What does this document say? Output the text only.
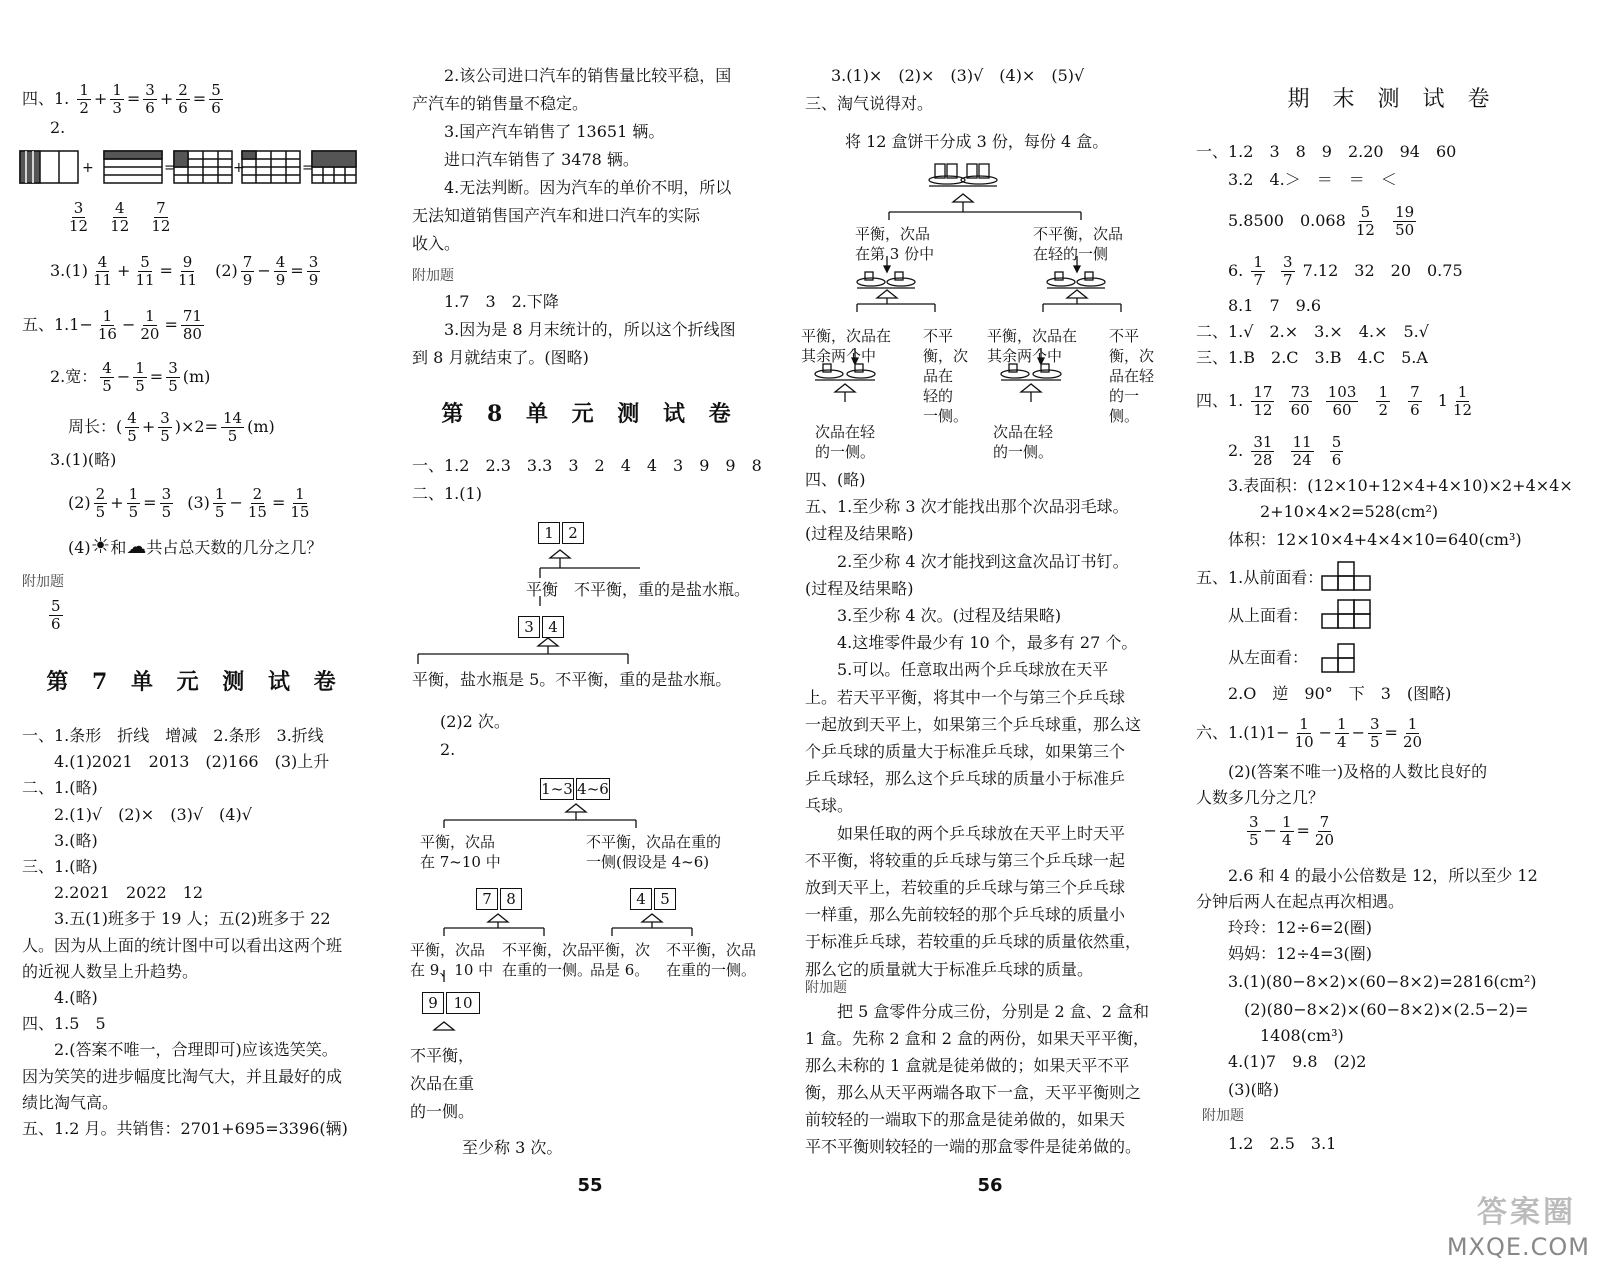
四、1. $\frac{1}{2} + \frac{1}{3} = \frac{3}{6} + \frac{2}{6} = \frac{5}{6}$
2.
+	=	+	=
$\frac{3}{12}$
$\frac{4}{12}$
$\frac{7}{12}$
$3.(1) \frac{4}{11} + \frac{5}{11} = \frac{9}{11} (2) \frac{7}{9} - \frac{4}{9} = \frac{3}{9}$
五、$1.1- \frac{1}{16} - \frac{1}{20} = \frac{71}{80}$
2.宽： $\frac{4}{5} - \frac{1}{5} = \frac{3}{5} (m)$
周长：( $\frac{4}{5} + \frac{3}{5} )\times 2= \frac{14}{5} (m)$
3.(1)(略)
$(2) \frac{2}{5} + \frac{1}{5} = \frac{3}{5} (3) \frac{1}{5} - \frac{2}{15} = \frac{1}{15}$
(4)☀和☁共占总天数的几分之几？
附加题
$\frac{5}{6}$
第 7 单 元 测 试 卷
一、1.条形　折线　增减　2.条形　3.折线
　　4.(1)2021　2013　(2)166　(3)上升
二、1.(略)
　　2.(1)√　(2)×　(3)√　(4)√
　　3.(略)
三、1.(略)
　　2.2021　2022　12
　　3.五(1)班多于 19 人；五(2)班多于 22
人。因为从上面的统计图中可以看出这两个班
的近视人数呈上升趋势。
　　4.(略)
四、1.5　5
　　2.(答案不唯一，合理即可)应该选笑笑。
因为笑笑的进步幅度比淘气大，并且最好的成
绩比淘气高。
五、1.2 月。共销售：2701+695=3396(辆)
　　2.该公司进口汽车的销售量比较平稳，国
产汽车的销售量不稳定。
　　3.国产汽车销售了 13651 辆。
　　进口汽车销售了 3478 辆。
　　4.无法判断。因为汽车的单价不明，所以
无法知道销售国产汽车和进口汽车的实际
收入。
附加题
　　1.7　3　2.下降
　　3.因为是 8 月末统计的，所以这个折线图
到 8 月就结束了。(图略)
第 8 单 元 测 试 卷
一、1.2　2.3　3.3　3　2　4　4　3　9　9　8
二、1.(1)
1 2
平衡　不平衡，重的是盐水瓶。
3 4
平衡，盐水瓶是 5。不平衡，重的是盐水瓶。
(2)2 次。
2.
1~3 4~6
平衡，次品
在 7~10 中
不平衡，次品在重的
一侧(假设是 4~6)
7 8	4 5
平衡，次品
在 9、10 中
不平衡，次品
在重的一侧。
平衡，次
品是 6。
不平衡，次品
在重的一侧。
9 10
不平衡，
次品在重
的一侧。
至少称 3 次。
55
3.(1)×　(2)×　(3)√　(4)×　(5)√
三、淘气说得对。
将 12 盒饼干分成 3 份，每份 4 盒。
平衡，次品
在第 3 份中
不平衡，次品
在轻的一侧
平衡，次品在
其余两个中
不平
衡，次
品在
轻的
一侧。
平衡，次品在
其余两个中
不平
衡，次
品在轻
的一
侧。
次品在轻
的一侧。
次品在轻
的一侧。
四、(略)
五、1.至少称 3 次才能找出那个次品羽毛球。
(过程及结果略)
　　2.至少称 4 次才能找到这盒次品订书钉。
(过程及结果略)
　　3.至少称 4 次。(过程及结果略)
　　4.这堆零件最少有 10 个，最多有 27 个。
　　5.可以。任意取出两个乒乓球放在天平
上。若天平平衡，将其中一个与第三个乒乓球
一起放到天平上，如果第三个乒乓球重，那么这
个乒乓球的质量大于标准乒乓球，如果第三个
乒乓球轻，那么这个乒乓球的质量小于标准乒
乓球。
　　如果任取的两个乒乓球放在天平上时天平
不平衡，将较重的乒乓球与第三个乒乓球一起
放到天平上，若较重的乒乓球与第三个乒乓球
一样重，那么先前较轻的那个乒乓球的质量小
于标准乒乓球，若较重的乒乓球的质量依然重，
那么它的质量就大于标准乒乓球的质量。
附加题
　　把 5 盒零件分成三份，分别是 2 盒、2 盒和
1 盒。先称 2 盒和 2 盒的两份，如果天平平衡，
那么未称的 1 盒就是徒弟做的；如果天平不平
衡，那么从天平两端各取下一盒，天平平衡则之
前较轻的一端取下的那盒是徒弟做的，如果天
平不平衡则较轻的一端的那盒零件是徒弟做的。
56
期 末 测 试 卷
一、1.2　3　8　9　2.20　94　60
　　3.2　4.＞　＝　＝　＜
　　5.8500　$0.068 \frac{5}{12}$
$\frac{19}{50}$
　　6. $\frac{1}{7}$
$\frac{3}{7} 7.12$　32　20　0.75
　　8.1　7　9.6
二、1.√　2.×　3.×　4.×　5.√
三、1.B　2.C　3.B　4.C　5.A
四、1. $\frac{17}{12}$
$\frac{73}{60}$
$\frac{103}{60}$
$\frac{1}{2}$
$\frac{7}{6} 1 \frac{1}{12}$
　　2. $\frac{31}{28}$
$\frac{11}{24}$
$\frac{5}{6}$
　　3.表面积：(12×10+12×4+4×10)×2+4×4×
　　　　2+10×4×2=528(cm²)
　　体积：12×10×4+4×4×10=640(cm³)
五、1.从前面看：
　　从上面看：
　　从左面看：
　　2.O　逆　90°　下　3　(图略)
六、$1.(1)1- \frac{1}{10} - \frac{1}{4} - \frac{3}{5} = \frac{1}{20}$
　　(2)(答案不唯一)及格的人数比良好的
人数多几分之几？
$\frac{3}{5} - \frac{1}{4} = \frac{7}{20}$
　　2.6 和 4 的最小公倍数是 12，所以至少 12
分钟后两人在起点再次相遇。
　　玲玲：12÷6=2(圈)
　　妈妈：12÷4=3(圈)
　　3.(1)(80−8×2)×(60−8×2)=2816(cm²)
　　　(2)(80−8×2)×(60−8×2)×(2.5−2)=
　　　　1408(cm³)
　　4.(1)7　9.8　(2)2
　　(3)(略)
附加题
　　1.2　2.5　3.1
答案圈
MXQE.COM
